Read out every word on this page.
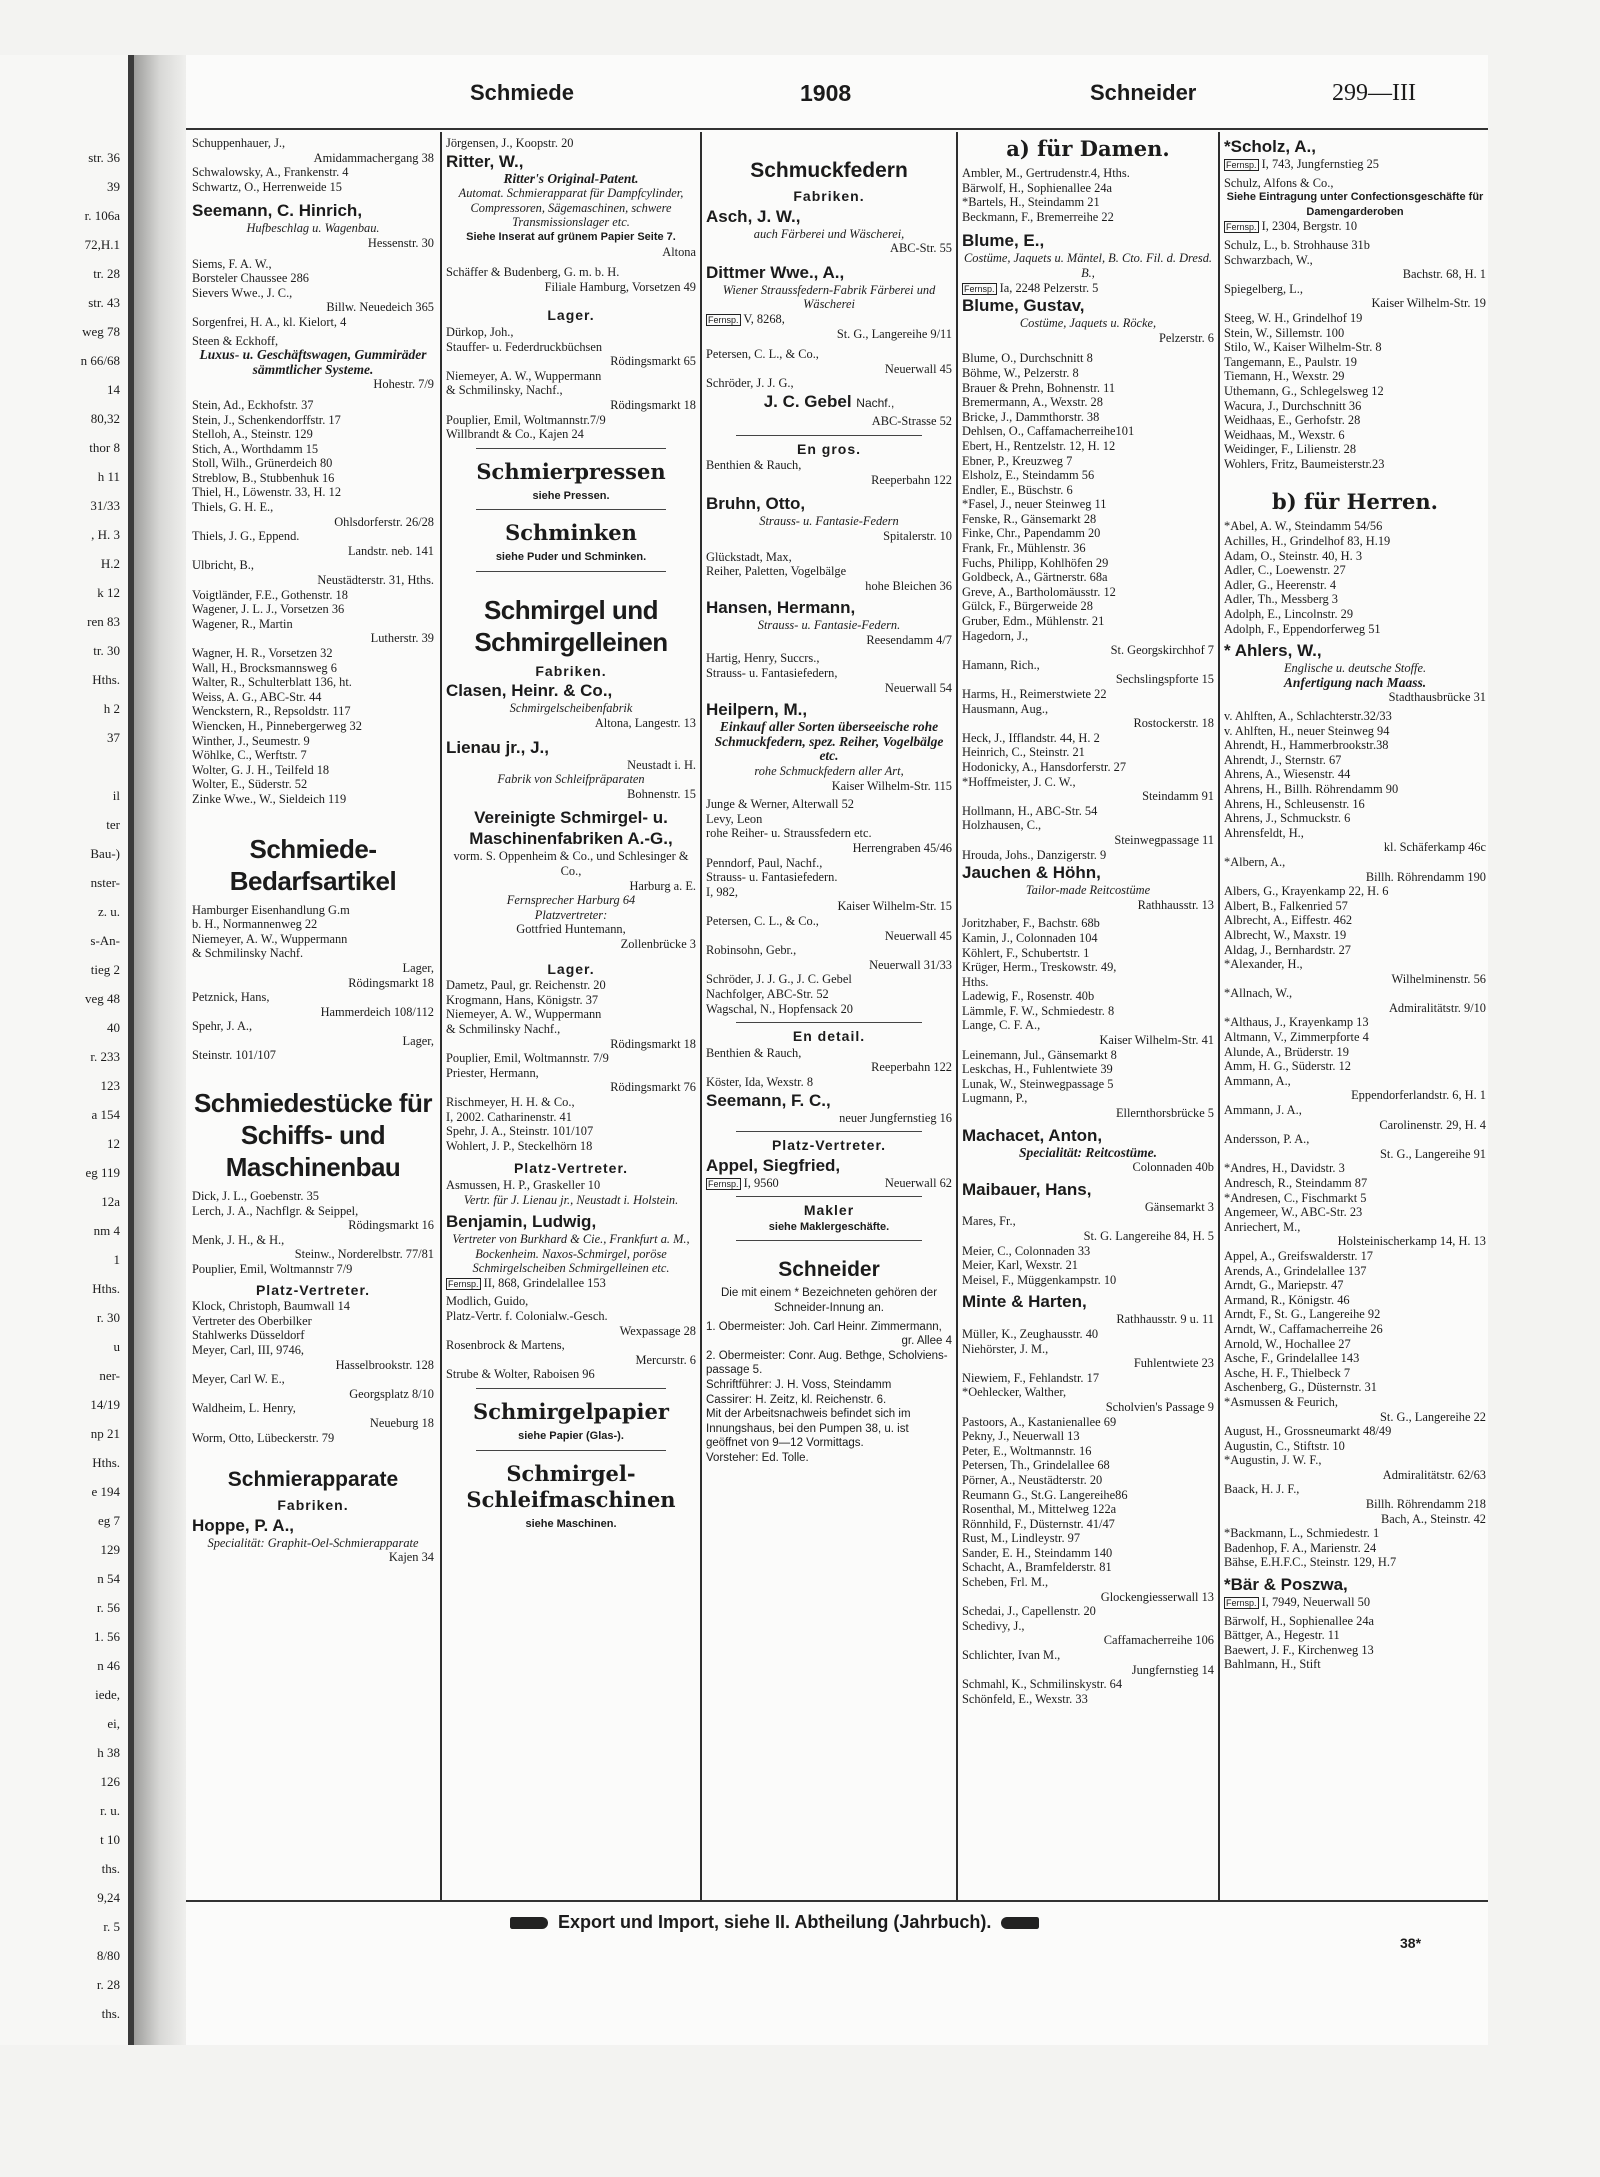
str. 36
39
r. 106a
72,H.1
tr. 28
str. 43
weg 78
n 66/68
14
80,32
thor 8
h 11
31/33
, H. 3
H.2
k 12
ren 83
tr. 30
Hths.
h 2
37
il
ter
Bau-)
nster-
z. u.
s-An-
tieg 2
veg 48
40
r. 233
123
a 154
12
eg 119
12a
nm 4
1
Hths.
r. 30
u
ner-
14/19
np 21
Hths.
e 194
eg 7
129
n 54
r. 56
1. 56
n 46
iede,
ei,
h 38
126
r. u.
t 10
ths.
9,24
r. 5
8/80
r. 28
ths.
Schmiede	1908	Schneider	299—III
Schuppenhauer, J.,
Amidammacheгgang 38
Schwalowsky, A., Frankenstr. 4
Schwartz, O., Herrenweide 15
Seemann, C. Hinrich,
Hufbeschlag u. Wagenbau.
Hessenstr. 30
Siems, F. A. W.,
Borsteler Chaussee 286
Sievers Wwe., J. C.,
Billw. Neuedeich 365
Sorgenfrei, H. A., kl. Kielort, 4
Steen & Eckhoff,
Luxus- u. Geschäftswagen, Gummiräder sämmtlicher Systeme.
Hohestr. 7/9
Stein, Ad., Eckhofstr. 37
Stein, J., Schenkendorffstr. 17
Stelloh, A., Steinstr. 129
Stich, A., Worthdamm 15
Stoll, Wilh., Grünerdeich 80
Streblow, B., Stubbenhuk 16
Thiel, H., Löwenstr. 33, H. 12
Thiels, G. H. E.,
Ohlsdorferstr. 26/28
Thiels, J. G., Eppend.
Landstr. neb. 141
Ulbricht, B.,
Neustädterstr. 31, Hths.
Voigtländer, F.E., Gothenstr. 18
Wagener, J. L. J., Vorsetzen 36
Wagener, R., Martin
Lutherstr. 39
Wagner, H. R., Vorsetzen 32
Wall, H., Brocksmannsweg 6
Walter, R., Schulterblatt 136, ht.
Weiss, A. G., ABC-Str. 44
Wenckstern, R., Repsoldstr. 117
Wiencken, H., Pinnebergerweg 32
Winther, J., Seumestr. 9
Wöhlke, C., Werftstr. 7
Wolter, G. J. H., Teilfeld 18
Wolter, E., Süderstr. 52
Zinke Wwe., W., Sieldeich 119
Schmiede-Bedarfsartikel
Hamburger Eisenhandlung G.m
b. H., Normannenweg 22
Niemeyer, A. W., Wuppermann
& Schmilinsky Nachf.
Lager,
Rödingsmarkt 18
Petznick, Hans,
Hammerdeich 108/112
Spehr, J. A.,
Lager,
Steinstr. 101/107
Schmiedestücke für Schiffs- und Maschinenbau
Dick, J. L., Goebenstr. 35
Lerch, J. A., Nachflgr. & Seippel,
Rödingsmarkt 16
Menk, J. H., & H.,
Steinw., Norderelbstr. 77/81
Pouplier, Emil, Woltmannstr 7/9
Platz-Vertreter.
Klock, Christoph, Baumwall 14
Vertreter des Oberbilker
Stahlwerks Düsseldorf
Meyer, Carl, III, 9746,
Hasselbrookstr. 128
Meyer, Carl W. E.,
Georgsplatz 8/10
Waldheim, L. Henry,
Neueburg 18
Worm, Otto, Lübeckerstr. 79
Schmierapparate
Fabriken.
Hoppe, P. A.,
Specialität: Graphit-Oel-Schmierapparate
Kajen 34
Jörgensen, J., Koopstr. 20
Ritter, W.,
Ritter's Original-Patent.
Automat. Schmierapparat für Dampfcylinder, Compressoren, Sägemaschinen, schwere Transmissionslager etc.
Siehe Inserat auf grünem Papier Seite 7.
Altona
Schäffer & Budenberg, G. m. b. H.
Filiale Hamburg, Vorsetzen 49
Lager.
Dürkop, Joh.,
Stauffer- u. Federdruckbüchsen
Rödingsmarkt 65
Niemeyer, A. W., Wuppermann
& Schmilinsky, Nachf.,
Rödingsmarkt 18
Pouplier, Emil, Woltmannstr.7/9
Willbrandt & Co., Kajen 24
Schmierpressen
siehe Pressen.
Schminken
siehe Puder und Schminken.
Schmirgel und Schmirgelleinen
Fabriken.
Clasen, Heinr. & Co.,
Schmirgelscheibenfabrik
Altona, Langestr. 13
Lienau jr., J.,
Neustadt i. H.
Fabrik von Schleifpräparaten
Bohnenstr. 15
Vereinigte Schmirgel- u. Maschinenfabriken A.-G.,
vorm. S. Oppenheim & Co., und Schlesinger & Co.,
Harburg a. E.
Fernsprecher Harburg 64
Platzvertreter:
Gottfried Huntemann,
Zollenbrücke 3
Lager.
Dametz, Paul, gr. Reichenstr. 20
Krogmann, Hans, Königstr. 37
Niemeyer, A. W., Wuppermann
& Schmilinsky Nachf.,
Rödingsmarkt 18
Pouplier, Emil, Woltmannstr. 7/9
Priester, Hermann,
Rödingsmarkt 76
Rischmeyer, H. H. & Co.,
I, 2002. Catharinenstr. 41
Spehr, J. A., Steinstr. 101/107
Wohlert, J. P., Steckelhörn 18
Platz-Vertreter.
Asmussen, H. P., Graskeller 10
Vertr. für J. Lienau jr., Neustadt i. Holstein.
Benjamin, Ludwig,
Vertreter von Burkhard & Cie., Frankfurt a. M., Bockenheim. Naxos-Schmirgel, poröse Schmirgelscheiben Schmirgelleinen etc.
Fernsp. II, 868, Grindelallee 153
Modlich, Guido,
Platz-Vertr. f. Colonialw.-Gesch.
Wexpassage 28
Rosenbrock & Martens,
Mercurstr. 6
Strube & Wolter, Raboisen 96
Schmirgelpapier
siehe Papier (Glas-).
Schmirgel-Schleifmaschinen
siehe Maschinen.
Schmuckfedern
Fabriken.
Asch, J. W.,
auch Färberei und Wäscherei,
ABC-Str. 55
Dittmer Wwe., A.,
Wiener Straussfedern-Fabrik Färberei und Wäscherei
Fernsp. V, 8268,
St. G., Langereihe 9/11
Petersen, C. L., & Co.,
Neuerwall 45
Schröder, J. J. G.,
J. C. Gebel Nachf.,
ABC-Strasse 52
En gros.
Benthien & Rauch,
Reeperbahn 122
Bruhn, Otto,
Strauss- u. Fantasie-Federn
Spitalerstr. 10
Glückstadt, Max,
Reiher, Paletten, Vogelbälge
hohe Bleichen 36
Hansen, Hermann,
Strauss- u. Fantasie-Federn.
Reesendamm 4/7
Hartig, Henry, Succrs.,
Strauss- u. Fantasiefedern,
Neuerwall 54
Heilpern, M.,
Einkauf aller Sorten überseeische rohe Schmuckfedern, spez. Reiher, Vogelbälge etc.
rohe Schmuckfedern aller Art,
Kaiser Wilhelm-Str. 115
Junge & Werner, Alterwall 52
Levy, Leon
rohe Reiher- u. Straussfedern etc.
Herrengraben 45/46
Penndorf, Paul, Nachf.,
Strauss- u. Fantasiefedern.
I, 982,
Kaiser Wilhelm-Str. 15
Petersen, C. L., & Co.,
Neuerwall 45
Robinsohn, Gebr.,
Neuerwall 31/33
Schröder, J. J. G., J. C. Gebel
Nachfolger, ABC-Str. 52
Wagschal, N., Hopfensack 20
En detail.
Benthien & Rauch,
Reeperbahn 122
Köster, Ida, Wexstr. 8
Seemann, F. C.,
neuer Jungfernstieg 16
Platz-Vertreter.
Appel, Siegfried,
Fernsp. I, 9560	Neuerwall 62
Makler
siehe Maklergeschäfte.
Schneider
Die mit einem * Bezeichneten gehören der Schneider-Innung an.
1. Obermeister: Joh. Carl Heinr. Zimmermann,
gr. Allee 4
2. Obermeister: Conr. Aug. Bethge, Scholviens-passage 5.
Schriftführer: J. H. Voss, Steindamm
Cassirer: H. Zeitz, kl. Reichenstr. 6.
Mit der Arbeitsnachweis befindet sich im Innungshaus, bei den Pumpen 38, u. ist geöffnet von 9—12 Vormittags.
Vorsteher: Ed. Tolle.
a) für Damen.
Ambler, M., Gertrudenstr.4, Hths.
Bärwolf, H., Sophienallee 24a
*Bartels, H., Steindamm 21
Beckmann, F., Bremerreihe 22
Blume, E.,
Costüme, Jaquets u. Mäntel, B. Cto. Fil. d. Dresd. B.,
Fernsp. Ia, 2248 Pelzerstr. 5
Blume, Gustav,
Costüme, Jaquets u. Röcke,
Pelzerstr. 6
Blume, O., Durchschnitt 8
Böhme, W., Pelzerstr. 8
Brauer & Prehn, Bohnenstr. 11
Bremermann, A., Wexstr. 28
Bricke, J., Dammthorstr. 38
Dehlsen, O., Caffamacherreihe101
Ebert, H., Rentzelstr. 12, H. 12
Ebner, P., Kreuzweg 7
Elsholz, E., Steindamm 56
Endler, E., Büschstr. 6
*Fasel, J., neuer Steinweg 11
Fenske, R., Gänsemarkt 28
Finke, Chr., Papendamm 20
Frank, Fr., Mühlenstr. 36
Fuchs, Philipp, Kohlhöfen 29
Goldbeck, A., Gärtnerstr. 68a
Greve, A., Bartholomäusstr. 12
Gülck, F., Bürgerweide 28
Gruber, Edm., Mühlenstr. 21
Hagedorn, J.,
St. Georgskirchhof 7
Hamann, Rich.,
Sechslingspforte 15
Harms, H., Reimerstwiete 22
Hausmann, Aug.,
Rostockerstr. 18
Heck, J., Ifflandstr. 44, H. 2
Heinrich, C., Steinstr. 21
Hodonicky, A., Hansdorferstr. 27
*Hoffmeister, J. C. W.,
Steindamm 91
Hollmann, H., ABC-Str. 54
Holzhausen, C.,
Steinwegpassage 11
Hrouda, Johs., Danzigerstr. 9
Jauchen & Höhn,
Tailor-made Reitcostüme
Rathhausstr. 13
Joritzhaber, F., Bachstr. 68b
Kamin, J., Colonnaden 104
Köhlert, F., Schubertstr. 1
Krüger, Herm., Treskowstr. 49,
Hths.
Ladewig, F., Rosenstr. 40b
Lämmle, F. W., Schmiedestr. 8
Lange, C. F. A.,
Kaiser Wilhelm-Str. 41
Leinemann, Jul., Gänsemarkt 8
Leskchas, H., Fuhlentwiete 39
Lunak, W., Steinwegpassage 5
Lugmann, P.,
Ellernthorsbrücke 5
Machacet, Anton,
Specialität: Reitcostüme.
Colonnaden 40b
Maibauer, Hans,
Gänsemarkt 3
Mares, Fr.,
St. G. Langereihe 84, H. 5
Meier, C., Colonnaden 33
Meier, Karl, Wexstr. 21
Meisel, F., Müggenkampstr. 10
Minte & Harten,
Rathhausstr. 9 u. 11
Müller, K., Zeughausstr. 40
Niehörster, J. M.,
Fuhlentwiete 23
Niewiem, F., Fehlandstr. 17
*Oehlecker, Walther,
Scholvien's Passage 9
Pastoors, A., Kastanienallee 69
Pekny, J., Neuerwall 13
Peter, E., Woltmannstr. 16
Petersen, Th., Grindelallee 68
Pörner, A., Neustädterstr. 20
Reumann G., St.G. Langereihe86
Rosenthal, M., Mittelweg 122a
Rönnhild, F., Düsternstr. 41/47
Rust, M., Lindleystr. 97
Sander, E. H., Steindamm 140
Schacht, A., Bramfelderstr. 81
Scheben, Frl. M.,
Glockengiesserwall 13
Schedai, J., Capellenstr. 20
Schedivy, J.,
Caffamacherreihe 106
Schlichter, Ivan M.,
Jungfernstieg 14
Schmahl, K., Schmilinskystr. 64
Schönfeld, E., Wexstr. 33
*Scholz, A.,
Fernsp. I, 743, Jungfernstieg 25
Schulz, Alfons & Co.,
Siehe Eintragung unter Confectionsgeschäfte für Damengarderoben
Fernsp. I, 2304, Bergstr. 10
Schulz, L., b. Strohhause 31b
Schwarzbach, W.,
Bachstr. 68, H. 1
Spiegelberg, L.,
Kaiser Wilhelm-Str. 19
Steeg, W. H., Grindelhof 19
Stein, W., Sillemstr. 100
Stilo, W., Kaiser Wilhelm-Str. 8
Tangemann, E., Paulstr. 19
Tiemann, H., Wexstr. 29
Uthemann, G., Schlegelsweg 12
Wacura, J., Durchschnitt 36
Weidhaas, E., Gerhofstr. 28
Weidhaas, M., Wexstr. 6
Weidinger, F., Lilienstr. 28
Wohlers, Fritz, Baumeisterstr.23
b) für Herren.
*Abel, A. W., Steindamm 54/56
Achilles, H., Grindelhof 83, H.19
Adam, O., Steinstr. 40, H. 3
Adler, C., Loewenstr. 27
Adler, G., Heerenstr. 4
Adler, Th., Messberg 3
Adolph, E., Lincolnstr. 29
Adolph, F., Eppendorferweg 51
* Ahlers, W.,
Englische u. deutsche Stoffe.
Anfertigung nach Maass.
Stadthausbrücke 31
v. Ahlften, A., Schlachterstr.32/33
v. Ahlften, H., neuer Steinweg 94
Ahrendt, H., Hammerbrookstr.38
Ahrendt, J., Sternstr. 67
Ahrens, A., Wiesenstr. 44
Ahrens, H., Billh. Röhrendamm 90
Ahrens, H., Schleusenstr. 16
Ahrens, J., Schmuckstr. 6
Ahrensfeldt, H.,
kl. Schäferkamp 46c
*Albern, A.,
Billh. Röhrendamm 190
Albers, G., Krayenkamp 22, H. 6
Albert, B., Falkenried 57
Albrecht, A., Eiffestr. 462
Albrecht, W., Maxstr. 19
Aldag, J., Bernhardstr. 27
*Alexander, H.,
Wilhelminenstr. 56
*Allnach, W.,
Admiralitätstr. 9/10
*Althaus, J., Krayenkamp 13
Altmann, V., Zimmerpforte 4
Alunde, A., Brüderstr. 19
Amm, H. G., Süderstr. 12
Ammann, A.,
Eppendorferlandstr. 6, H. 1
Ammann, J. A.,
Carolinenstr. 29, H. 4
Andersson, P. A.,
St. G., Langereihe 91
*Andres, H., Davidstr. 3
Andresch, R., Steindamm 87
*Andresen, C., Fischmarkt 5
Angemeer, W., ABC-Str. 23
Anriechert, M.,
Holsteinischerkamp 14, H. 13
Appel, A., Greifswalderstr. 17
Arends, A., Grindelallee 137
Arndt, G., Mariepstr. 47
Armand, R., Königstr. 46
Arndt, F., St. G., Langereihe 92
Arndt, W., Caffamacherreihe 26
Arnold, W., Hochallee 27
Asche, F., Grindelallee 143
Asche, H. F., Thielbeck 7
Aschenberg, G., Düsternstr. 31
*Asmussen & Feurich,
St. G., Langereihe 22
August, H., Grossneumarkt 48/49
Augustin, C., Stiftstr. 10
*Augustin, J. W. F.,
Admiralitätstr. 62/63
Baack, H. J. F.,
Billh. Röhrendamm 218
Bach, A., Steinstr. 42
*Backmann, L., Schmiedestr. 1
Badenhop, F. A., Marienstr. 24
Bähse, E.H.F.C., Steinstr. 129, H.7
*Bär & Poszwa,
Fernsp. I, 7949, Neuerwall 50
Bärwolf, H., Sophienallee 24a
Bättger, A., Hegestr. 11
Baewert, J. F., Kirchenweg 13
Bahlmann, H., Stift
Export und Import, siehe II. Abtheilung (Jahrbuch).
38*
